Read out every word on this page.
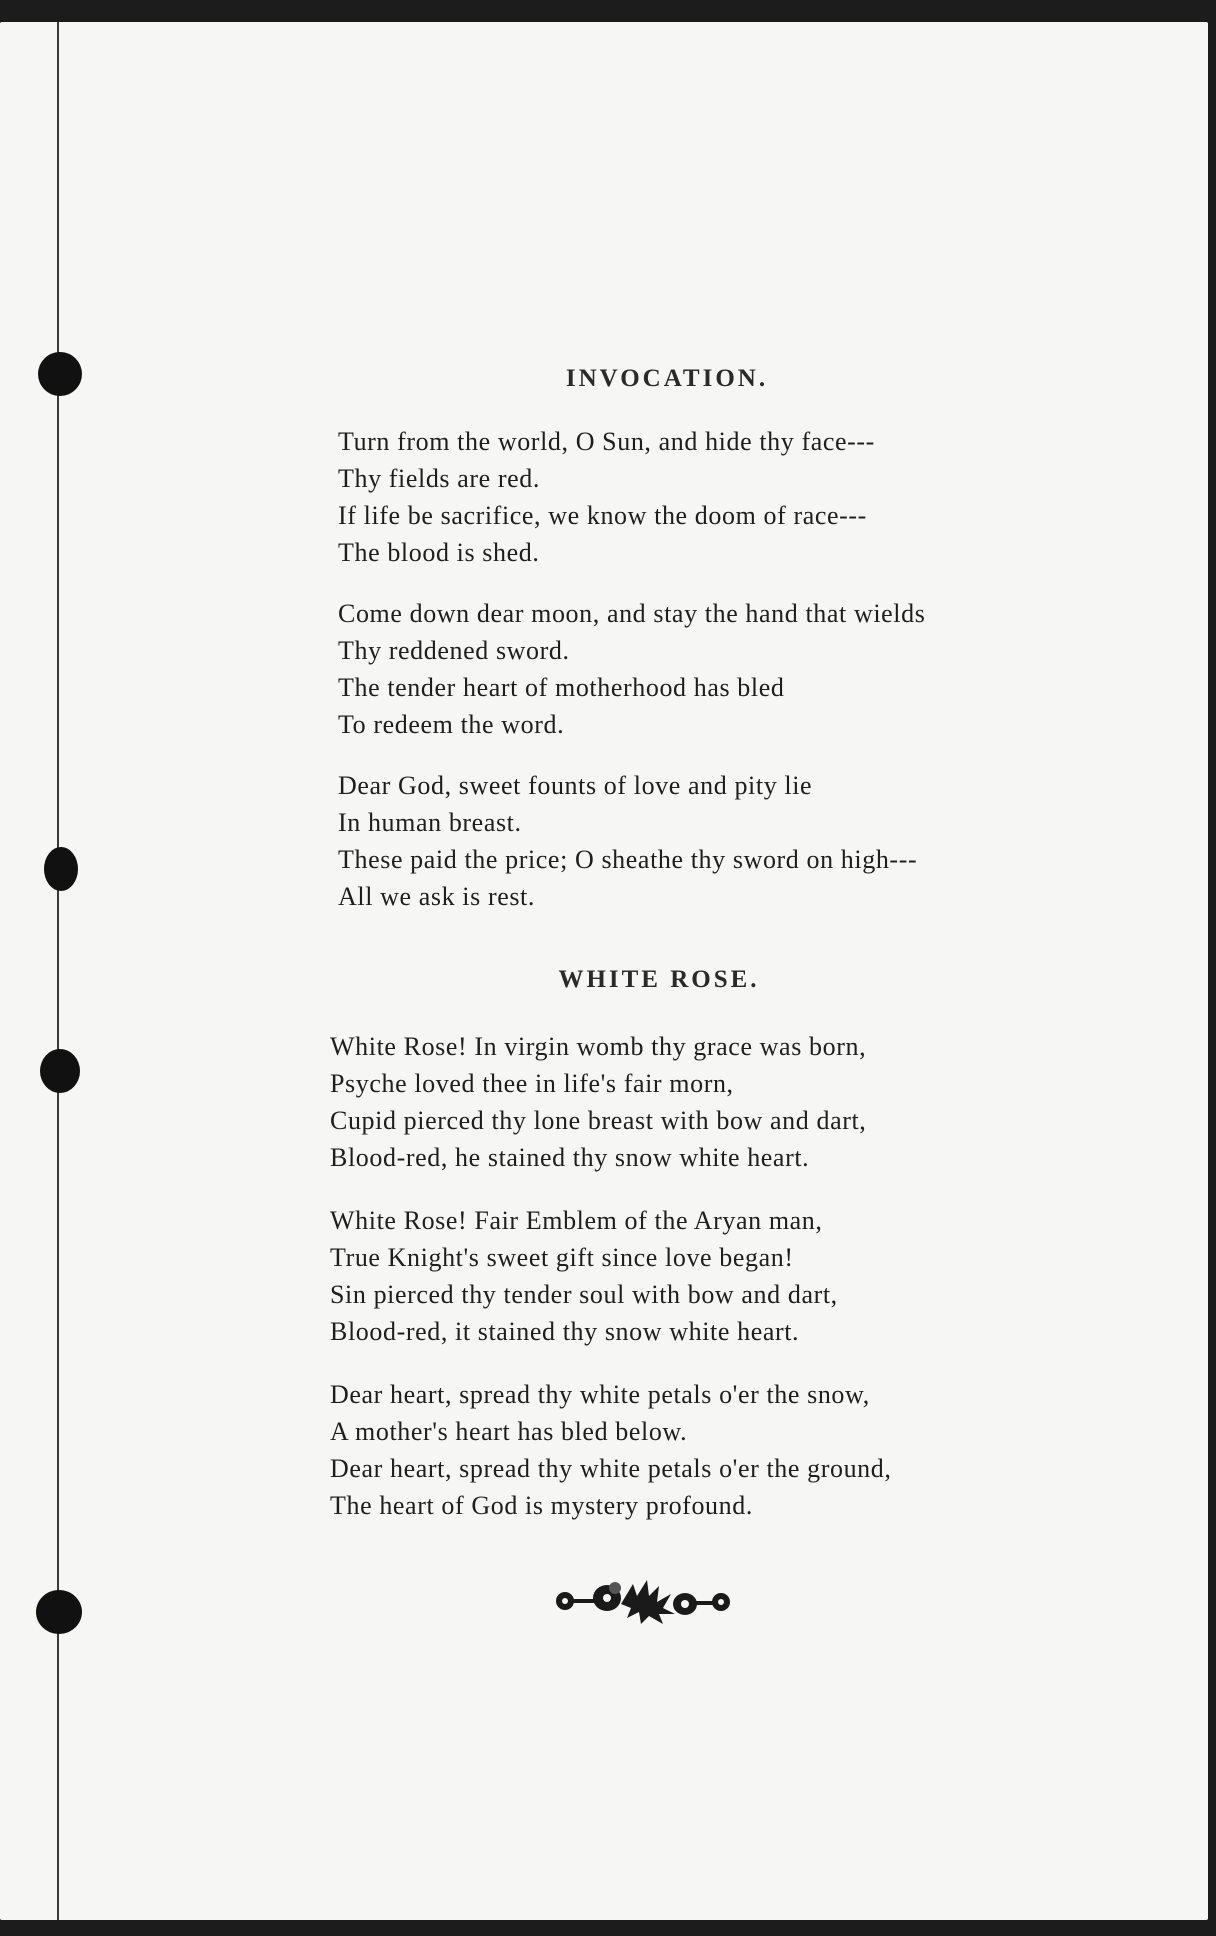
INVOCATION.

Turn from the world, O Sun, and hide thy face---
Thy fields are red.
If life be sacrifice, we know the doom of race---
The blood is shed.

Come down dear moon, and stay the hand that wields
Thy reddened sword.
The tender heart of motherhood has bled
To redeem the word.

Dear God, sweet founts of love and pity lie
In human breast.
These paid the price; O sheathe thy sword on high---
All we ask is rest.

WHITE ROSE.

White Rose! In virgin womb thy grace was born,
Psyche loved thee in life's fair morn,
Cupid pierced thy lone breast with bow and dart,
Blood-red, he stained thy snow white heart.

White Rose! Fair Emblem of the Aryan man,
True Knight's sweet gift since love began!
Sin pierced thy tender soul with bow and dart,
Blood-red, it stained thy snow white heart.

Dear heart, spread thy white petals o'er the snow,
A mother's heart has bled below.
Dear heart, spread thy white petals o'er the ground,
The heart of God is mystery profound.
